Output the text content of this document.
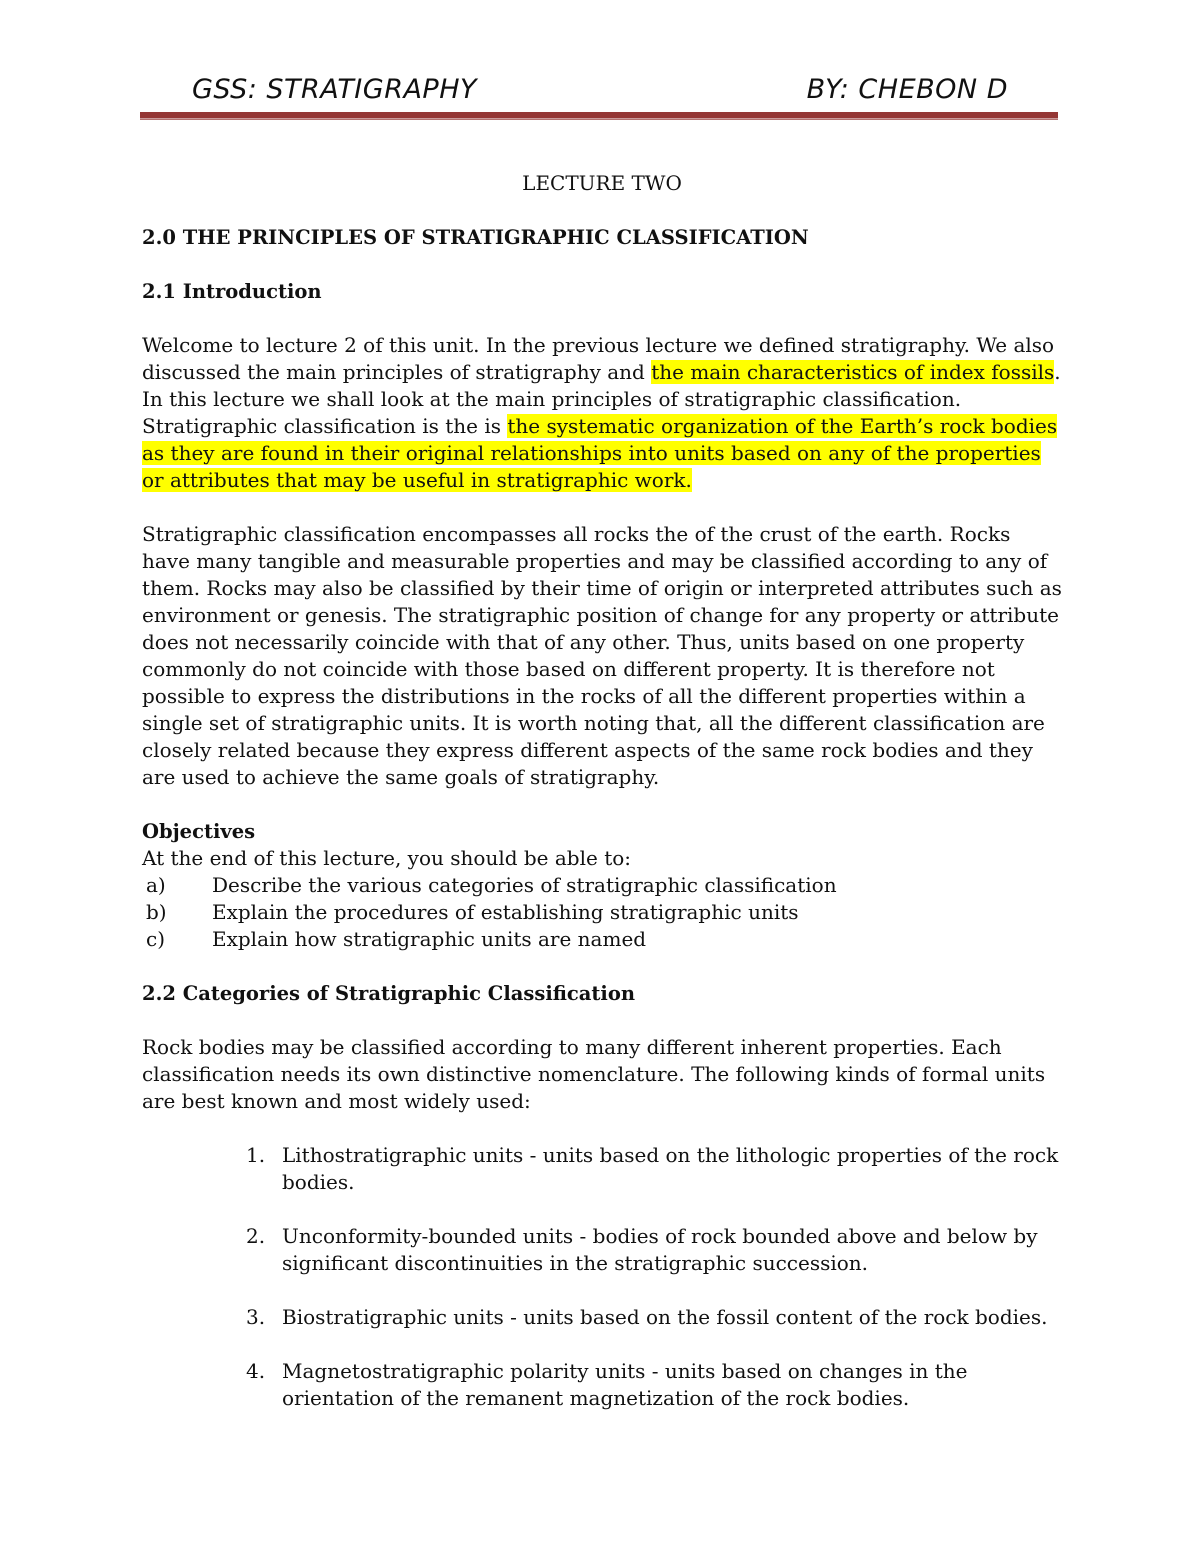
GSS: STRATIGRAPHY	BY: CHEBON D

LECTURE TWO

2.0 THE PRINCIPLES OF STRATIGRAPHIC CLASSIFICATION

2.1 Introduction

Welcome to lecture 2 of this unit. In the previous lecture we defined stratigraphy. We also discussed the main principles of stratigraphy and the main characteristics of index fossils. In this lecture we shall look at the main principles of stratigraphic classification. Stratigraphic classification is the is the systematic organization of the Earth’s rock bodies as they are found in their original relationships into units based on any of the properties or attributes that may be useful in stratigraphic work.

Stratigraphic classification encompasses all rocks the of the crust of the earth. Rocks have many tangible and measurable properties and may be classified according to any of them. Rocks may also be classified by their time of origin or interpreted attributes such as environment or genesis. The stratigraphic position of change for any property or attribute does not necessarily coincide with that of any other. Thus, units based on one property commonly do not coincide with those based on different property. It is therefore not possible to express the distributions in the rocks of all the different properties within a single set of stratigraphic units. It is worth noting that, all the different classification are closely related because they express different aspects of the same rock bodies and they are used to achieve the same goals of stratigraphy.

Objectives

At the end of this lecture, you should be able to:

a) Describe the various categories of stratigraphic classification
b) Explain the procedures of establishing stratigraphic units
c) Explain how stratigraphic units are named

2.2 Categories of Stratigraphic Classification

Rock bodies may be classified according to many different inherent properties. Each classification needs its own distinctive nomenclature. The following kinds of formal units are best known and most widely used:

1. Lithostratigraphic units - units based on the lithologic properties of the rock bodies.
2. Unconformity-bounded units - bodies of rock bounded above and below by significant discontinuities in the stratigraphic succession.
3. Biostratigraphic units - units based on the fossil content of the rock bodies.
4. Magnetostratigraphic polarity units - units based on changes in the orientation of the remanent magnetization of the rock bodies.
